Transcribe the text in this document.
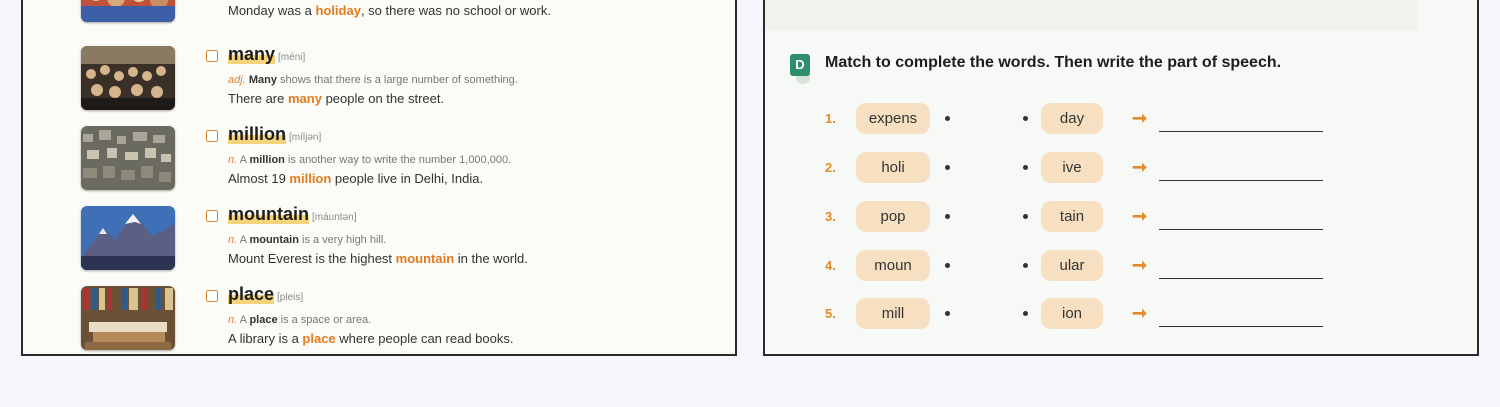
Monday was a holiday, so there was no school or work.
many [méni]
adj. Many shows that there is a large number of something.
There are many people on the street.
million [míljən]
n. A million is another way to write the number 1,000,000.
Almost 19 million people live in Delhi, India.
mountain [máuntən]
n. A mountain is a very high hill.
Mount Everest is the highest mountain in the world.
place [pleis]
n. A place is a space or area.
A library is a place where people can read books.
D	Match to complete the words. Then write the part of speech.
1.	expens	day	➞
2.	holi	ive	➞
3.	pop	tain	➞
4.	moun	ular	➞
5.	mill	ion	➞
